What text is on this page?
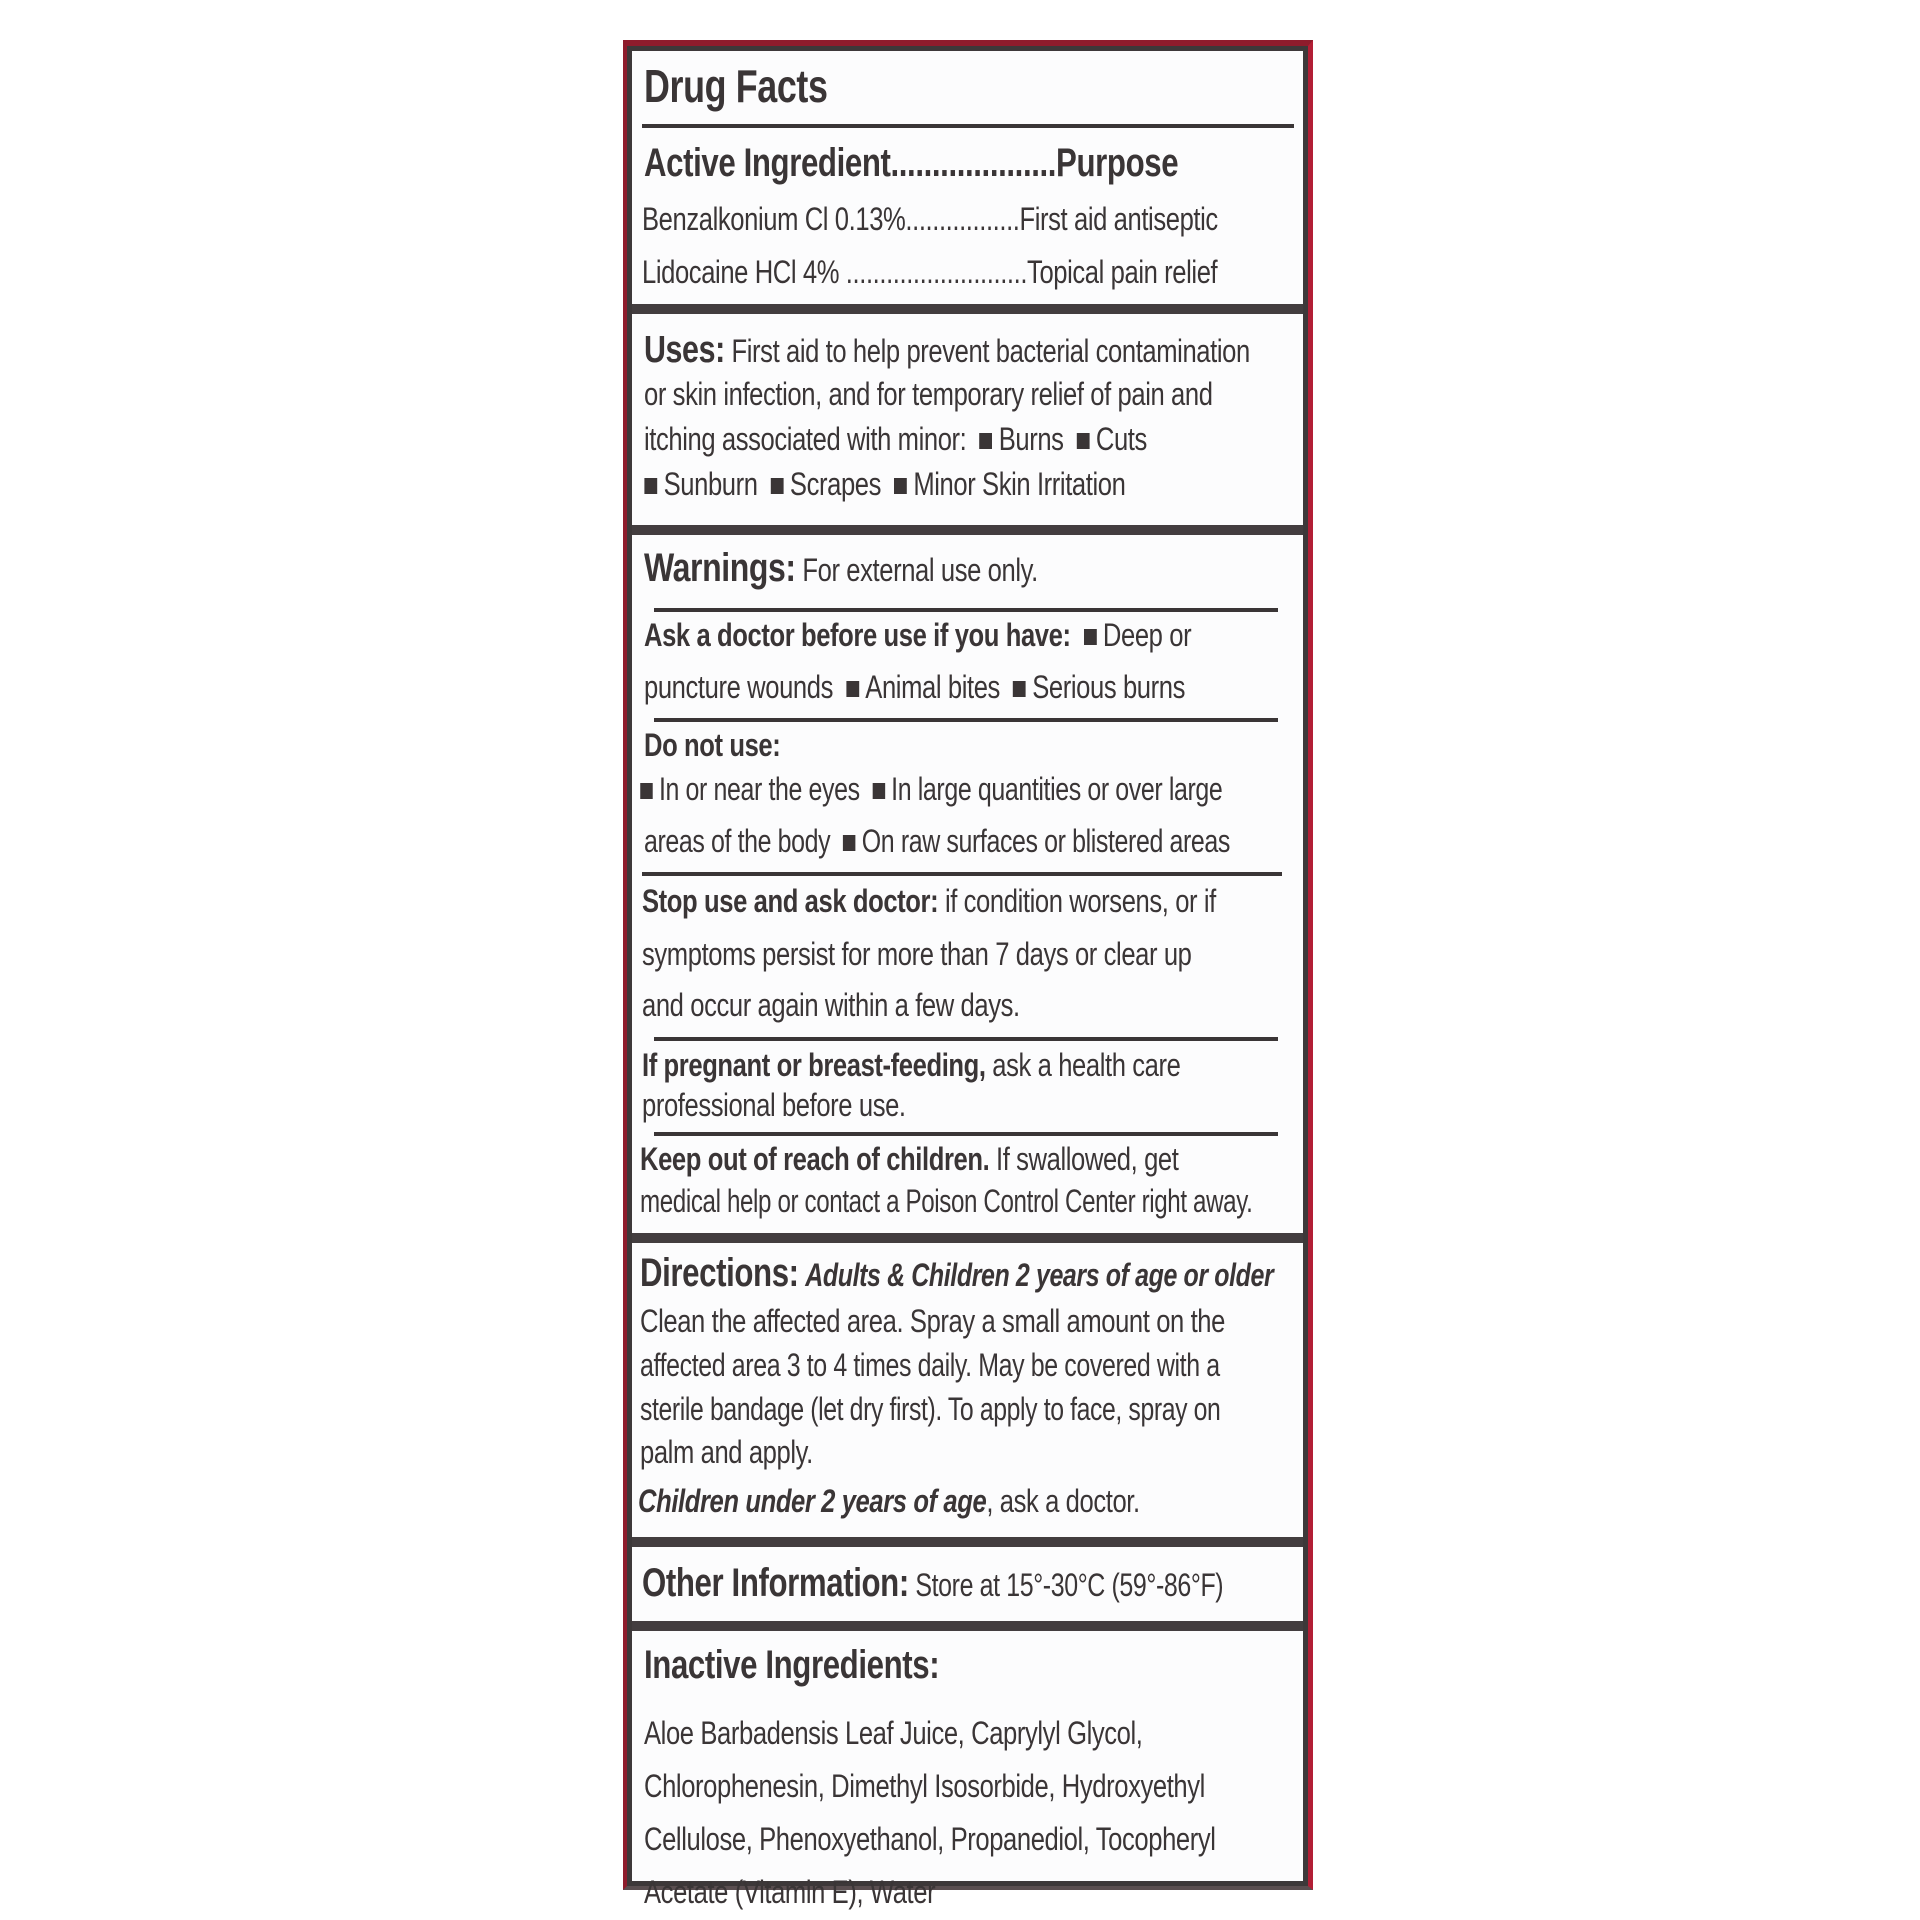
Drug Facts
Active Ingredient....................Purpose
Benzalkonium Cl 0.13%.................First aid antiseptic
Lidocaine HCl 4% ...........................Topical pain relief
Uses: First aid to help prevent bacterial contamination
or skin infection, and for temporary relief of pain and
itching associated with minor: Burns Cuts
Sunburn Scrapes Minor Skin Irritation
Warnings: For external use only.
Ask a doctor before use if you have: Deep or
puncture wounds Animal bites Serious burns
Do not use:
In or near the eyes In large quantities or over large
areas of the body On raw surfaces or blistered areas
Stop use and ask doctor: if condition worsens, or if
symptoms persist for more than 7 days or clear up
and occur again within a few days.
If pregnant or breast-feeding, ask a health care
professional before use.
Keep out of reach of children. If swallowed, get
medical help or contact a Poison Control Center right away.
Directions: Adults & Children 2 years of age or older
Clean the affected area. Spray a small amount on the
affected area 3 to 4 times daily. May be covered with a
sterile bandage (let dry first). To apply to face, spray on
palm and apply.
Children under 2 years of age, ask a doctor.
Other Information: Store at 15°-30°C (59°-86°F)
Inactive Ingredients:
Aloe Barbadensis Leaf Juice, Caprylyl Glycol,
Chlorophenesin, Dimethyl Isosorbide, Hydroxyethyl
Cellulose, Phenoxyethanol, Propanediol, Tocopheryl
Acetate (Vitamin E), Water
